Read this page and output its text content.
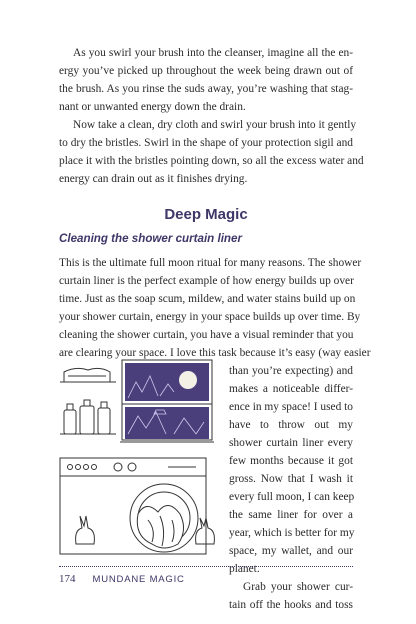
As you swirl your brush into the cleanser, imagine all the en-
ergy you’ve picked up throughout the week being drawn out of
the brush. As you rinse the suds away, you’re washing that stag-
nant or unwanted energy down the drain.
Now take a clean, dry cloth and swirl your brush into it gently
to dry the bristles. Swirl in the shape of your protection sigil and
place it with the bristles pointing down, so all the excess water and
energy can drain out as it finishes drying.
Deep Magic
Cleaning the shower curtain liner
This is the ultimate full moon ritual for many reasons. The shower
curtain liner is the perfect example of how energy builds up over
time. Just as the soap scum, mildew, and water stains build up on
your shower curtain, energy in your space builds up over time. By
cleaning the shower curtain, you have a visual reminder that you
are clearing your space. I love this task because it’s easy (way easier
than you’re expecting) and
makes a noticeable differ-
ence in my space! I used to
have to throw out my
shower curtain liner every
few months because it got
gross. Now that I wash it
every full moon, I can keep
the same liner for over a
year, which is better for my
space, my wallet, and our
planet.
Grab your shower cur-
tain off the hooks and toss
174 MUNDANE MAGIC
